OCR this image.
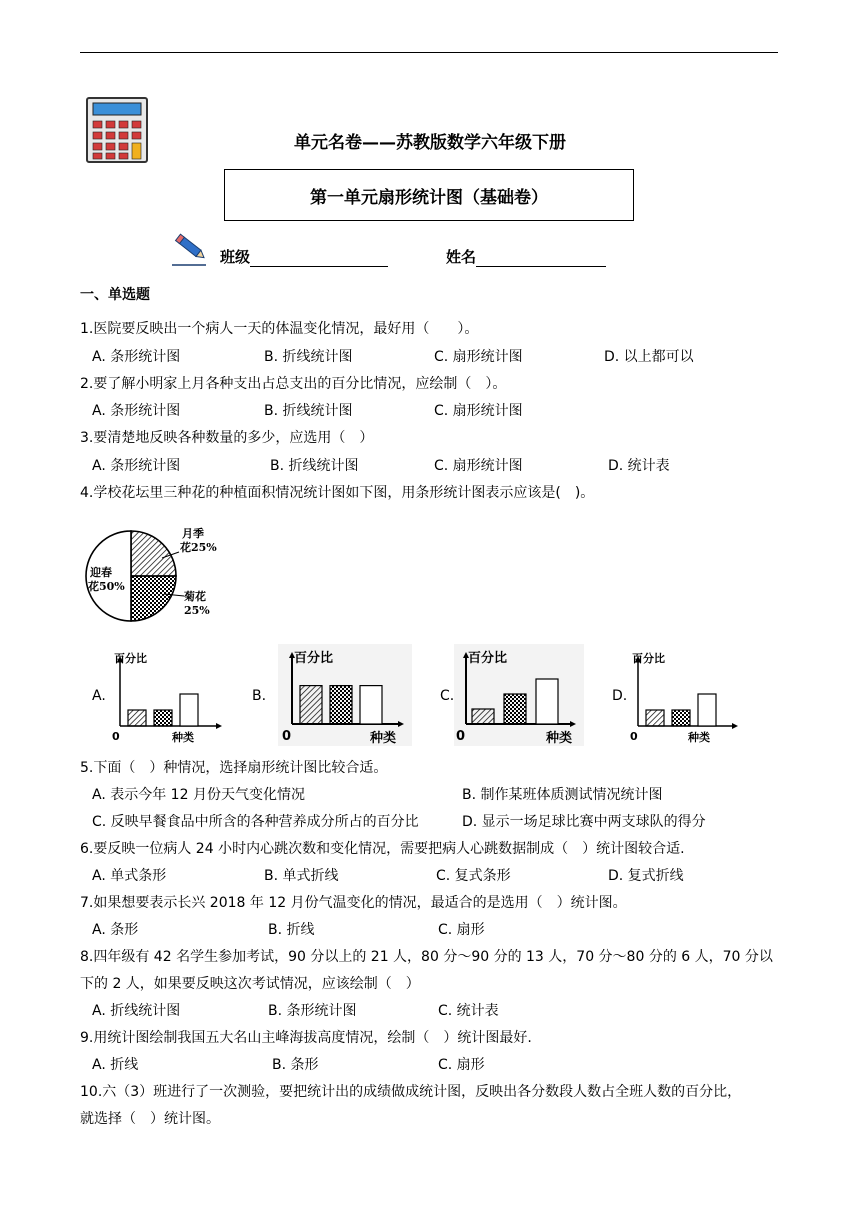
单元名卷——苏教版数学六年级下册
第一单元扇形统计图（基础卷）
班级	姓名
一、单选题
1.医院要反映出一个病人一天的体温变化情况，最好用（　　）。
A. 条形统计图	B. 折线统计图	C. 扇形统计图	D. 以上都可以
2.要了解小明家上月各种支出占总支出的百分比情况，应绘制（　）。
A. 条形统计图	B. 折线统计图	C. 扇形统计图
3.要清楚地反映各种数量的多少，应选用（　）
A. 条形统计图	B. 折线统计图	C. 扇形统计图	D. 统计表
4.学校花坛里三种花的种植面积情况统计图如下图，用条形统计图表示应该是(　)。
月季
花25%
菊花
25%
迎春
花50%
A.	B.	C.	D.
百分比
种类
0
百分比
种类
0
百分比
种类
0
百分比
种类
0
5.下面（　）种情况，选择扇形统计图比较合适。
A. 表示今年 12 月份天气变化情况	B. 制作某班体质测试情况统计图
C. 反映早餐食品中所含的各种营养成分所占的百分比	D. 显示一场足球比赛中两支球队的得分
6.要反映一位病人 24 小时内心跳次数和变化情况，需要把病人心跳数据制成（　）统计图较合适.
A. 单式条形	B. 单式折线	C. 复式条形	D. 复式折线
7.如果想要表示长兴 2018 年 12 月份气温变化的情况，最适合的是选用（　）统计图。
A. 条形	B. 折线	C. 扇形
8.四年级有 42 名学生参加考试，90 分以上的 21 人，80 分～90 分的 13 人，70 分～80 分的 6 人，70 分以
下的 2 人，如果要反映这次考试情况，应该绘制（　）
A. 折线统计图	B. 条形统计图	C. 统计表
9.用统计图绘制我国五大名山主峰海拔高度情况，绘制（　）统计图最好.
A. 折线	B. 条形	C. 扇形
10.六（3）班进行了一次测验，要把统计出的成绩做成统计图，反映出各分数段人数占全班人数的百分比，
就选择（　）统计图。
